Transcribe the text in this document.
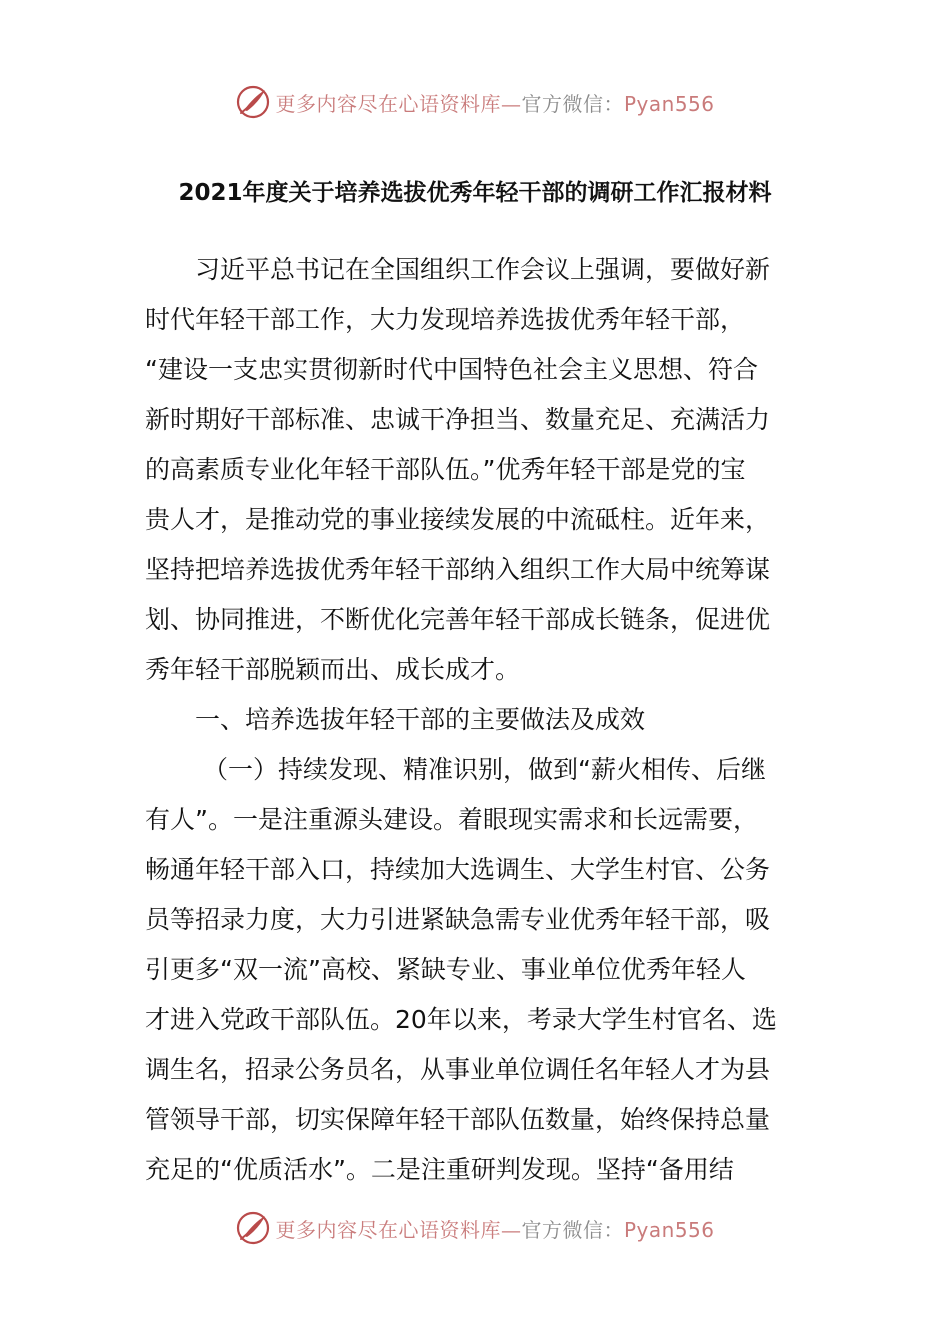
更多内容尽在心语资料库—官方微信：Pyan556
2021年度关于培养选拔优秀年轻干部的调研工作汇报材料
习近平总书记在全国组织工作会议上强调，要做好新
时代年轻干部工作，大力发现培养选拔优秀年轻干部，
“建设一支忠实贯彻新时代中国特色社会主义思想、符合
新时期好干部标准、忠诚干净担当、数量充足、充满活力
的高素质专业化年轻干部队伍。”优秀年轻干部是党的宝
贵人才，是推动党的事业接续发展的中流砥柱。近年来，
坚持把培养选拔优秀年轻干部纳入组织工作大局中统筹谋
划、协同推进，不断优化完善年轻干部成长链条，促进优
秀年轻干部脱颖而出、成长成才。
一、培养选拔年轻干部的主要做法及成效
（一）持续发现、精准识别，做到“薪火相传、后继
有人”。一是注重源头建设。着眼现实需求和长远需要，
畅通年轻干部入口，持续加大选调生、大学生村官、公务
员等招录力度，大力引进紧缺急需专业优秀年轻干部，吸
引更多“双一流”高校、紧缺专业、事业单位优秀年轻人
才进入党政干部队伍。20年以来，考录大学生村官名、选
调生名，招录公务员名，从事业单位调任名年轻人才为县
管领导干部，切实保障年轻干部队伍数量，始终保持总量
充足的“优质活水”。二是注重研判发现。坚持“备用结
更多内容尽在心语资料库—官方微信：Pyan556
